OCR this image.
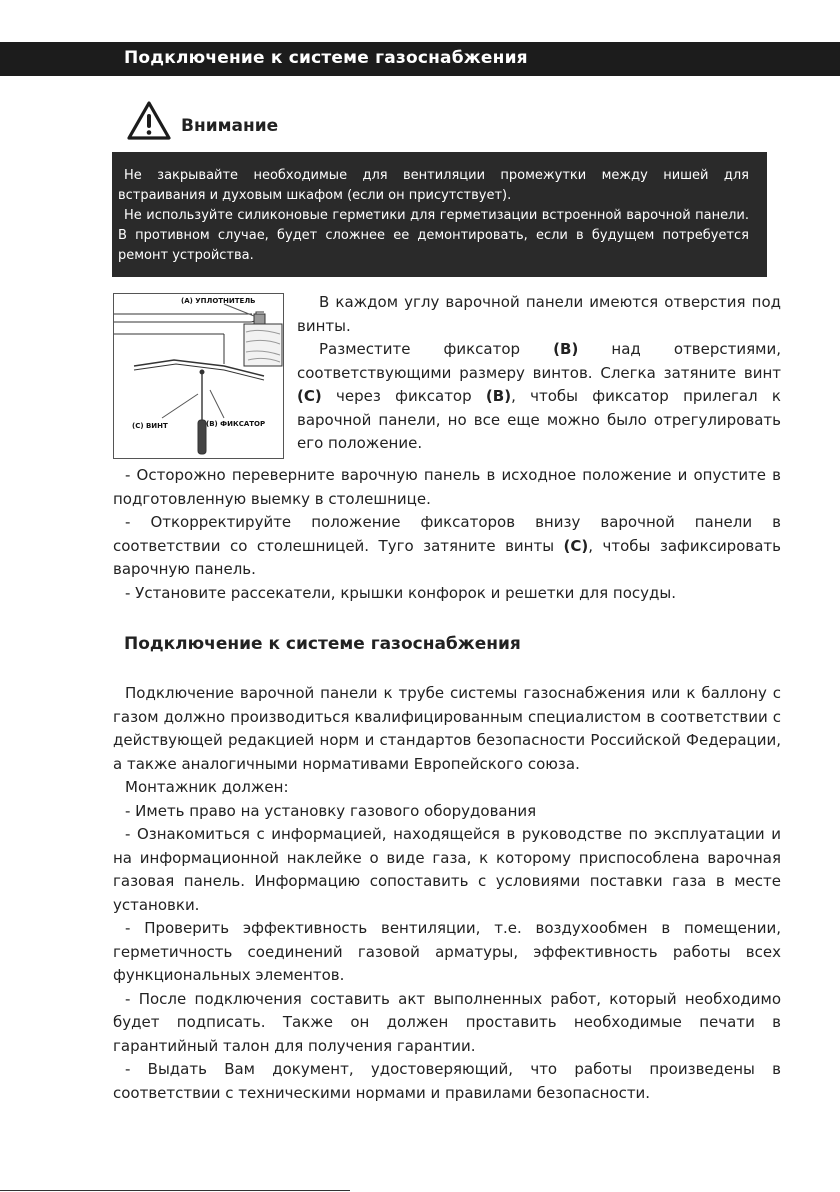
Подключение к системе газоснабжения
Внимание

Не закрывайте необходимые для вентиляции промежутки между нишей для встраивания и духовым шкафом (если он присутствует).

Не используйте силиконовые герметики для герметизации встроенной варочной панели. В противном случае, будет сложнее ее демонтировать, если в будущем потребуется ремонт устройства.

(A) УПЛОТНИТЕЛЬ
(C) ВИНТ	(B) ФИКСАТОР

В каждом углу варочной панели имеются отверстия под винты.

Разместите фиксатор (B) над отверстиями, соответствующими размеру винтов. Слегка затяните винт (C) через фиксатор (B), чтобы фиксатор прилегал к варочной панели, но все еще можно было отрегулировать его положение.

- Осторожно переверните варочную панель в исходное положение и опустите в подготовленную выемку в столешнице.

- Откорректируйте положение фиксаторов внизу варочной панели в соответствии со столешницей. Туго затяните винты (C), чтобы зафиксировать варочную панель.

- Установите рассекатели, крышки конфорок и решетки для посуды.

Подключение к системе газоснабжения

Подключение варочной панели к трубе системы газоснабжения или к баллону с газом должно производиться квалифицированным специалистом в соответствии с действующей редакцией норм и стандартов безопасности Российской Федерации, а также аналогичными нормативами Европейского союза.

Монтажник должен:

- Иметь право на установку газового оборудования

- Ознакомиться с информацией, находящейся в руководстве по эксплуатации и на информационной наклейке о виде газа, к которому приспособлена варочная газовая панель. Информацию сопоставить с условиями поставки газа в месте установки.

- Проверить эффективность вентиляции, т.е. воздухообмен в помещении, герметичность соединений газовой арматуры, эффективность работы всех функциональных элементов.

- После подключения составить акт выполненных работ, который необходимо будет подписать. Также он должен проставить необходимые печати в гарантийный талон для получения гарантии.

- Выдать Вам документ, удостоверяющий, что работы произведены в соответствии с техническими нормами и правилами безопасности.
